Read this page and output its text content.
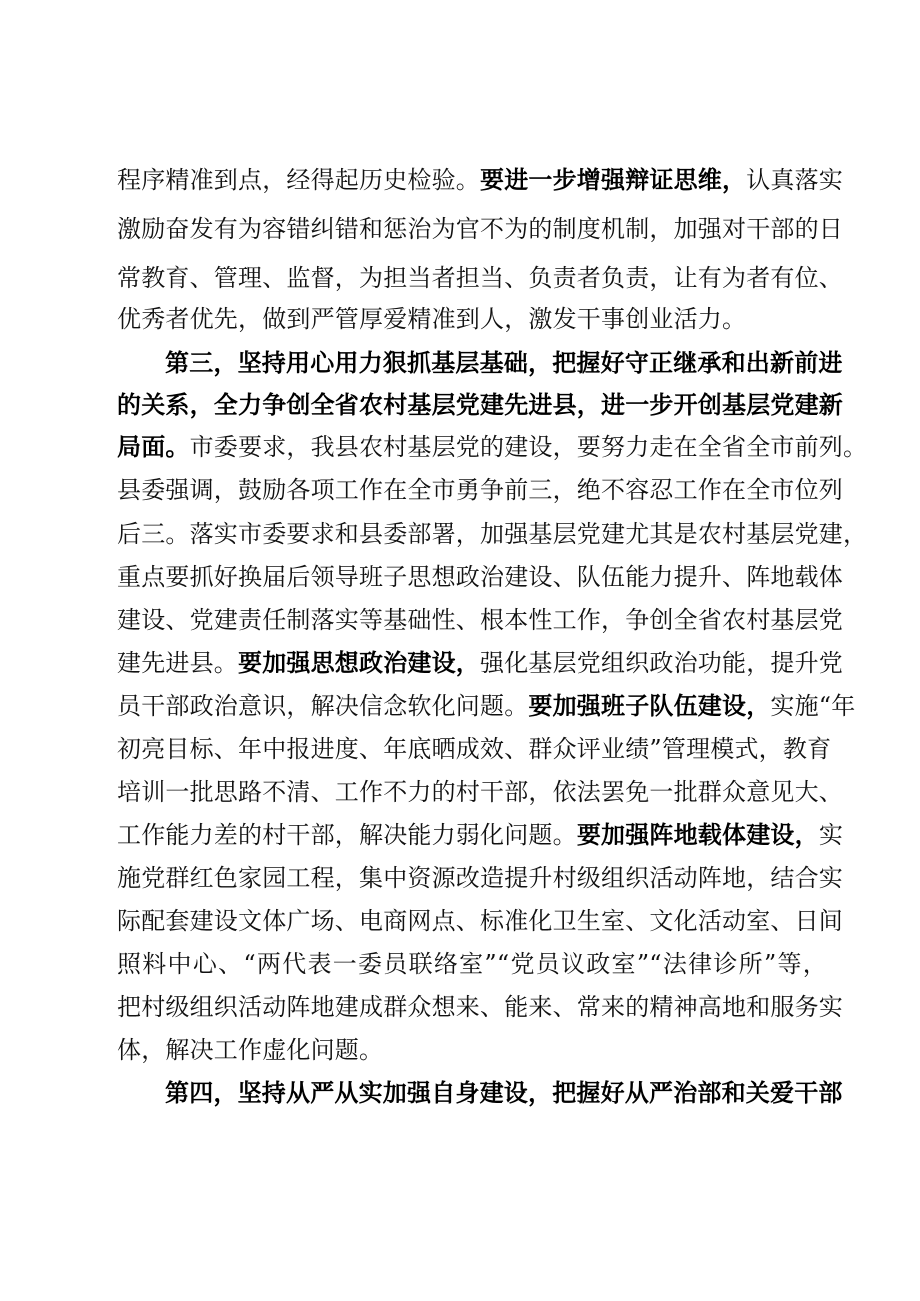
程序精准到点，经得起历史检验。要进一步增强辩证思维，认真落实
激励奋发有为容错纠错和惩治为官不为的制度机制，加强对干部的日
常教育、管理、监督，为担当者担当、负责者负责，让有为者有位、
优秀者优先，做到严管厚爱精准到人，激发干事创业活力。
第三，坚持用心用力狠抓基层基础，把握好守正继承和出新前进
的关系，全力争创全省农村基层党建先进县，进一步开创基层党建新
局面。市委要求，我县农村基层党的建设，要努力走在全省全市前列。
县委强调，鼓励各项工作在全市勇争前三，绝不容忍工作在全市位列
后三。落实市委要求和县委部署，加强基层党建尤其是农村基层党建，
重点要抓好换届后领导班子思想政治建设、队伍能力提升、阵地载体
建设、党建责任制落实等基础性、根本性工作，争创全省农村基层党
建先进县。要加强思想政治建设，强化基层党组织政治功能，提升党
员干部政治意识，解决信念软化问题。要加强班子队伍建设，实施“年
初亮目标、年中报进度、年底晒成效、群众评业绩”管理模式，教育
培训一批思路不清、工作不力的村干部，依法罢免一批群众意见大、
工作能力差的村干部，解决能力弱化问题。要加强阵地载体建设，实
施党群红色家园工程，集中资源改造提升村级组织活动阵地，结合实
际配套建设文体广场、电商网点、标准化卫生室、文化活动室、日间
照料中心、“两代表一委员联络室”“党员议政室”“法律诊所”等，
把村级组织活动阵地建成群众想来、能来、常来的精神高地和服务实
体，解决工作虚化问题。
第四，坚持从严从实加强自身建设，把握好从严治部和关爱干部
